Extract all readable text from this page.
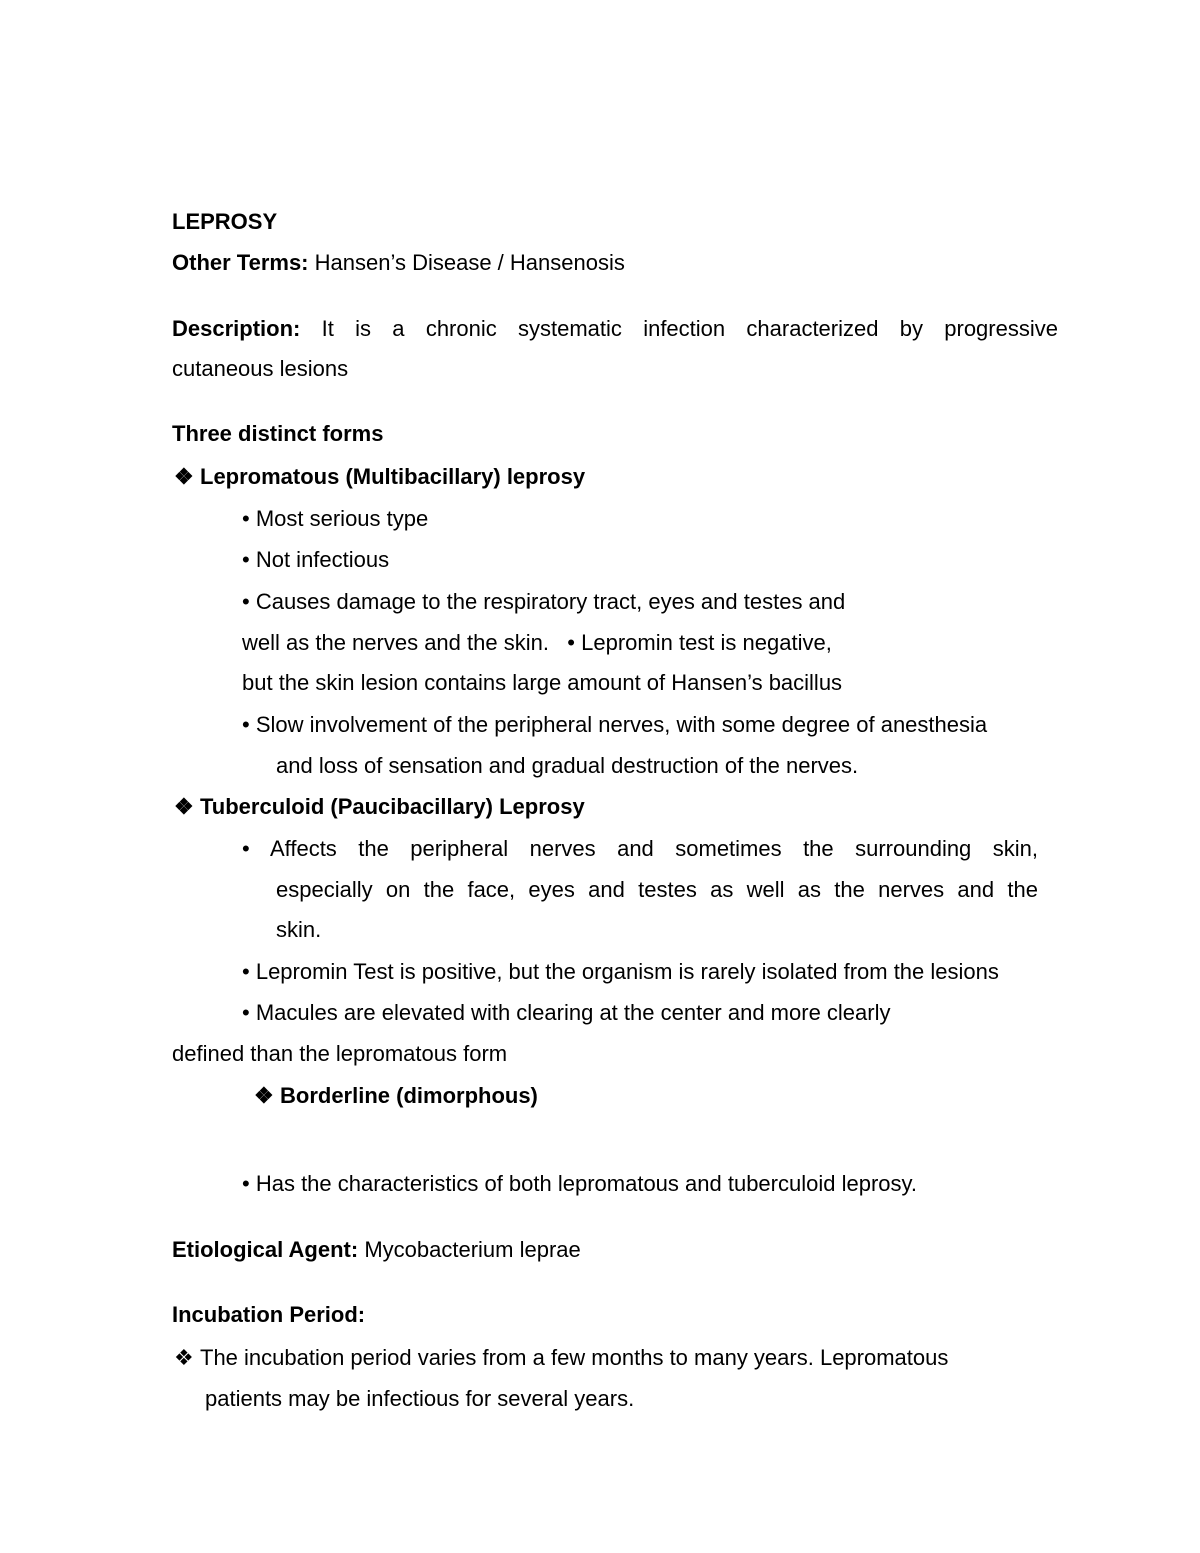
LEPROSY
Other Terms: Hansen’s Disease / Hansenosis
Description: It is a chronic systematic infection characterized by progressive
cutaneous lesions
Three distinct forms
❖ Lepromatous (Multibacillary) leprosy
• Most serious type
• Not infectious
• Causes damage to the respiratory tract, eyes and testes and
well as the nerves and the skin. • Lepromin test is negative,
but the skin lesion contains large amount of Hansen’s bacillus
• Slow involvement of the peripheral nerves, with some degree of anesthesia
and loss of sensation and gradual destruction of the nerves.
❖ Tuberculoid (Paucibacillary) Leprosy
• Affects the peripheral nerves and sometimes the surrounding skin,
especially on the face, eyes and testes as well as the nerves and the
skin.
• Lepromin Test is positive, but the organism is rarely isolated from the lesions
• Macules are elevated with clearing at the center and more clearly
defined than the lepromatous form
❖ Borderline (dimorphous)
• Has the characteristics of both lepromatous and tuberculoid leprosy.
Etiological Agent: Mycobacterium leprae
Incubation Period:
❖ The incubation period varies from a few months to many years. Lepromatous
patients may be infectious for several years.
